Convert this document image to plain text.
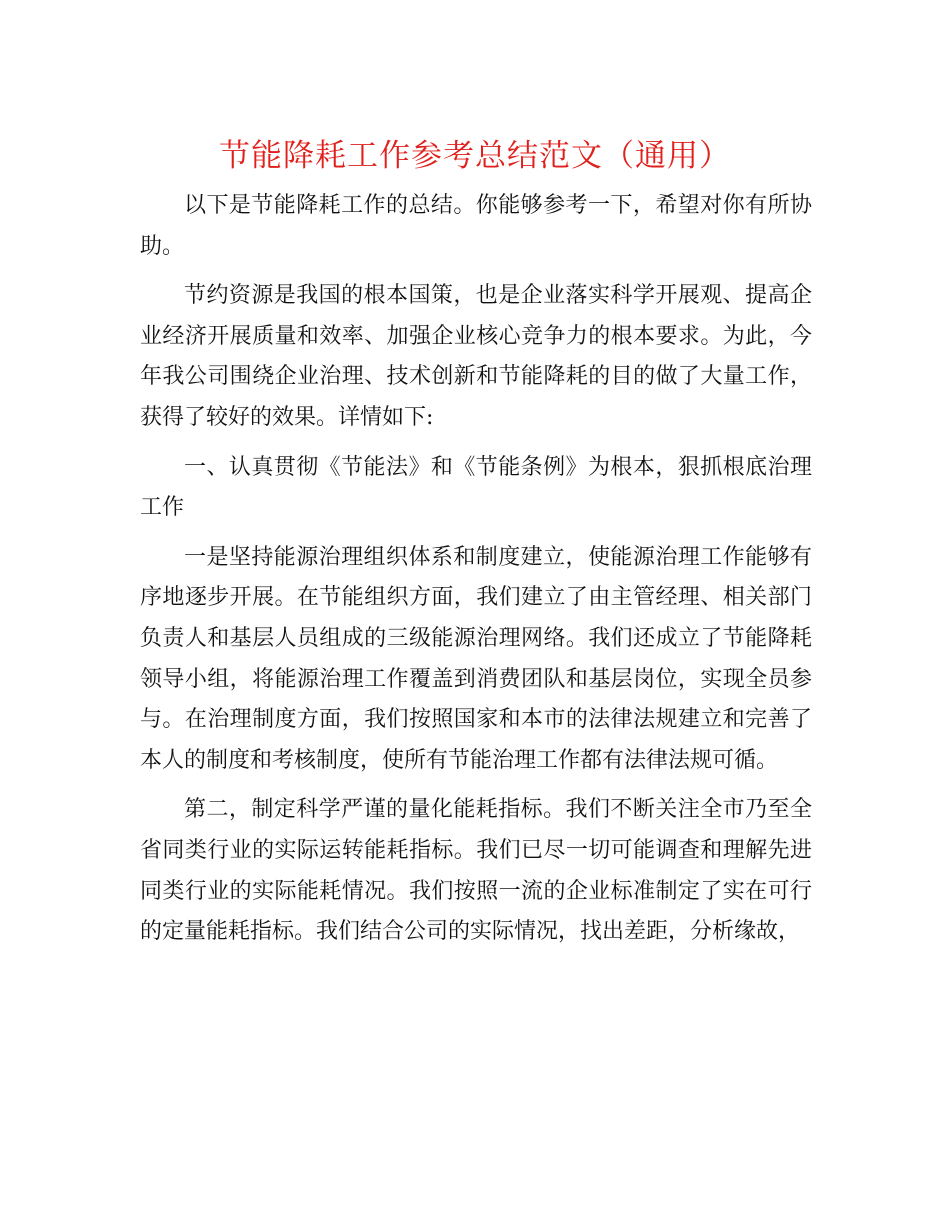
节能降耗工作参考总结范文（通用）

以下是节能降耗工作的总结。你能够参考一下，希望对你有所协助。

节约资源是我国的根本国策，也是企业落实科学开展观、提高企业经济开展质量和效率、加强企业核心竞争力的根本要求。为此，今年我公司围绕企业治理、技术创新和节能降耗的目的做了大量工作，获得了较好的效果。详情如下:

一、认真贯彻《节能法》和《节能条例》为根本，狠抓根底治理工作

一是坚持能源治理组织体系和制度建立，使能源治理工作能够有序地逐步开展。在节能组织方面，我们建立了由主管经理、相关部门负责人和基层人员组成的三级能源治理网络。我们还成立了节能降耗领导小组，将能源治理工作覆盖到消费团队和基层岗位，实现全员参与。在治理制度方面，我们按照国家和本市的法律法规建立和完善了本人的制度和考核制度，使所有节能治理工作都有法律法规可循。

第二，制定科学严谨的量化能耗指标。我们不断关注全市乃至全省同类行业的实际运转能耗指标。我们已尽一切可能调查和理解先进同类行业的实际能耗情况。我们按照一流的企业标准制定了实在可行的定量能耗指标。我们结合公司的实际情况，找出差距，分析缘故，
